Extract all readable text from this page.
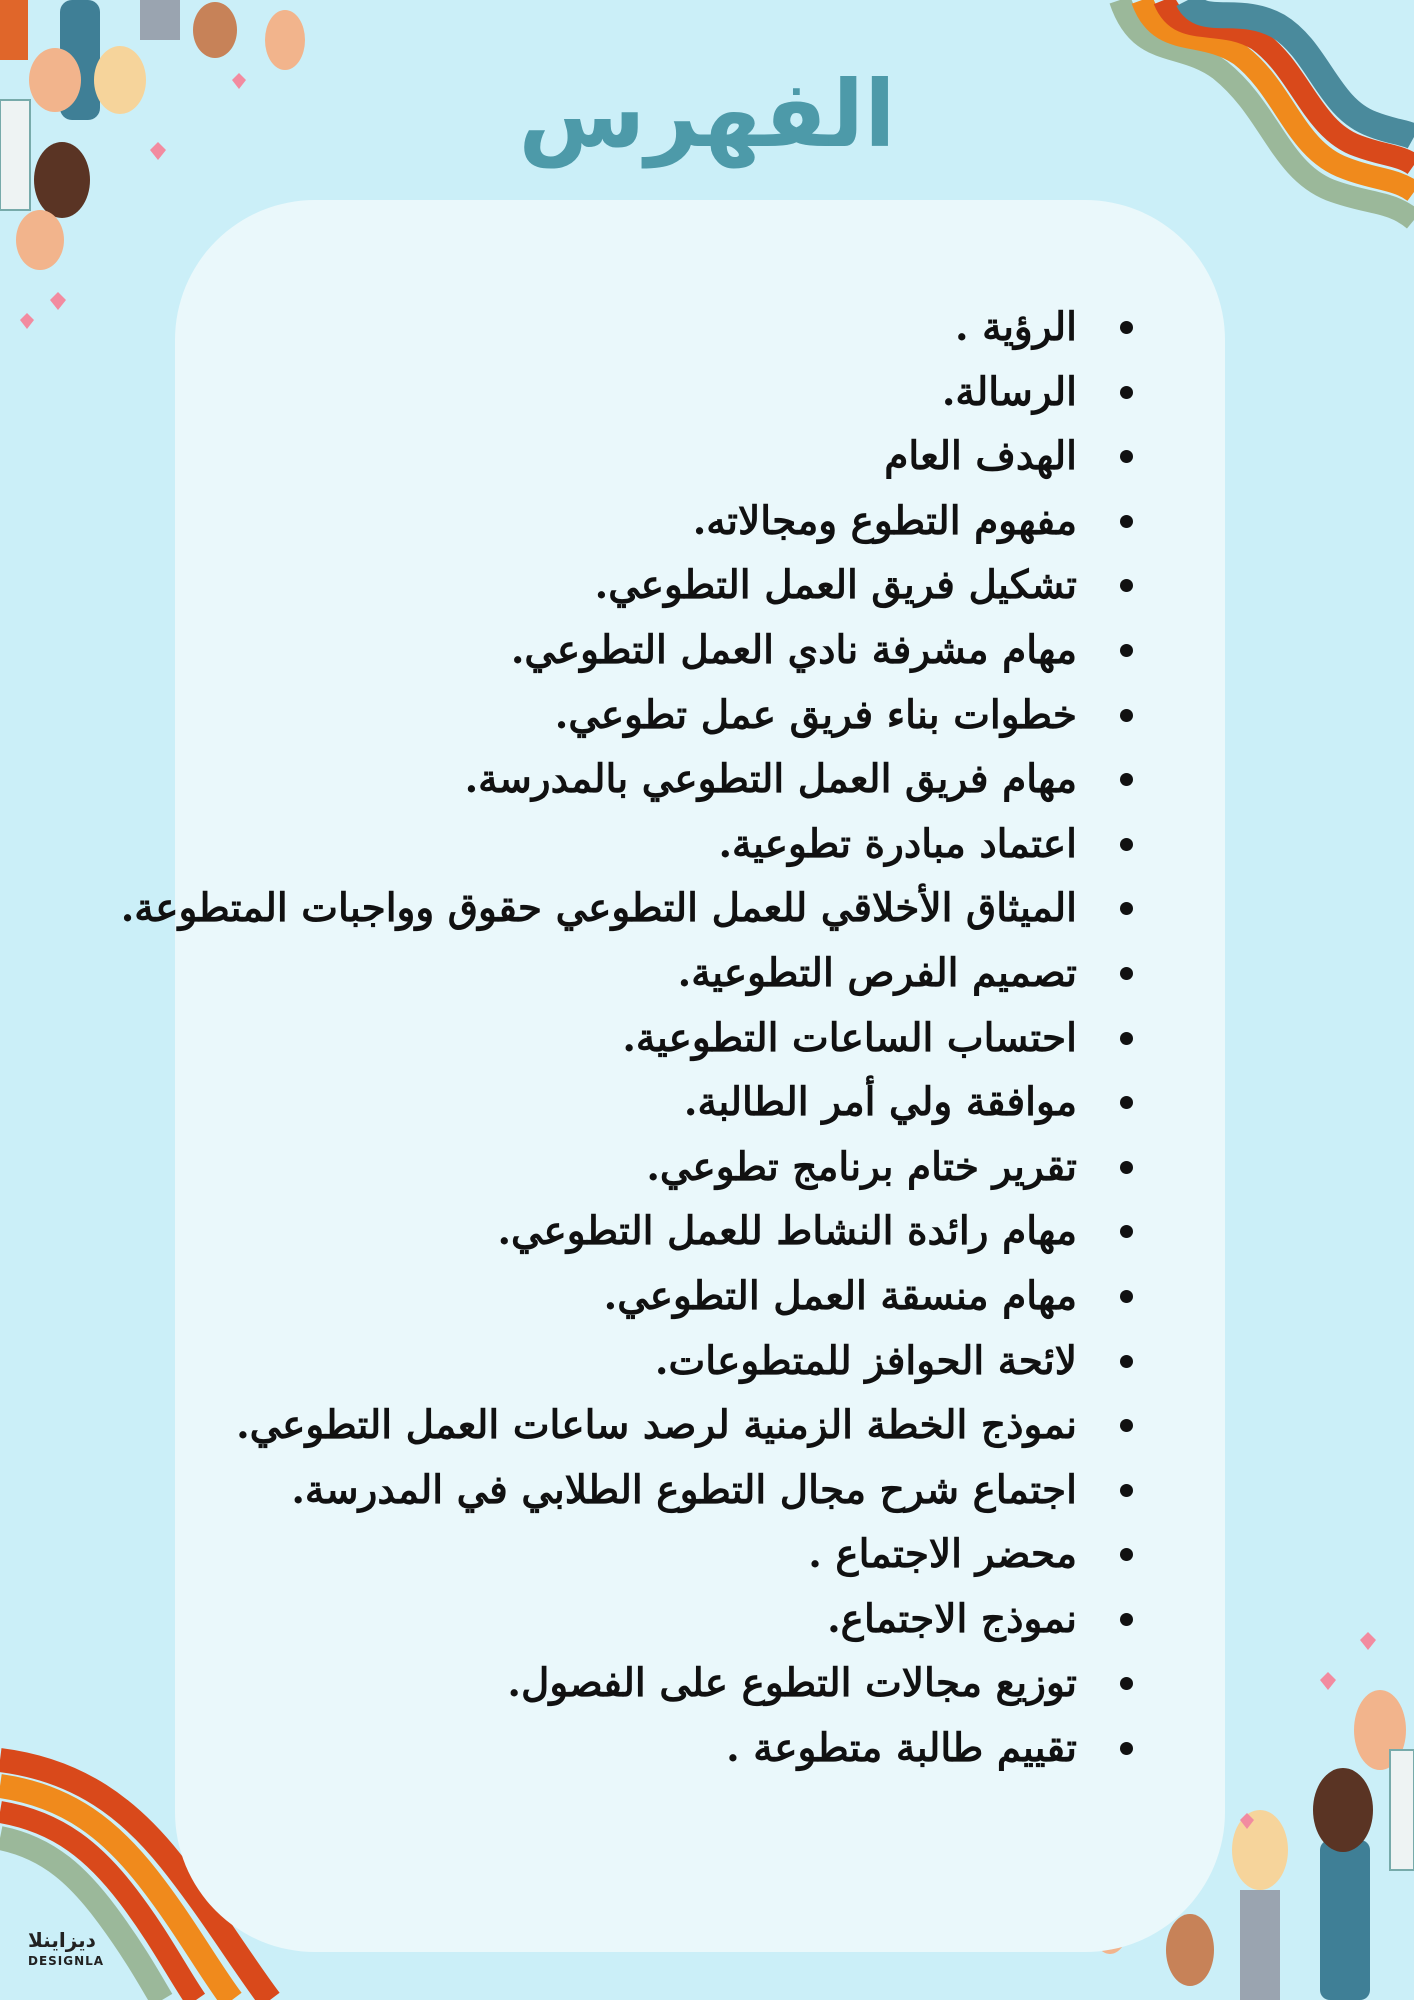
الفهرس
الرؤية .
الرسالة.
الهدف العام
مفهوم التطوع ومجالاته.
تشكيل فريق العمل التطوعي.
مهام مشرفة نادي العمل التطوعي.
خطوات بناء فريق عمل تطوعي.
مهام فريق العمل التطوعي بالمدرسة.
اعتماد مبادرة تطوعية.
الميثاق الأخلاقي للعمل التطوعي حقوق وواجبات المتطوعة.
تصميم الفرص التطوعية.
احتساب الساعات التطوعية.
موافقة ولي أمر الطالبة.
تقرير ختام برنامج تطوعي.
مهام رائدة النشاط للعمل التطوعي.
مهام منسقة العمل التطوعي.
لائحة الحوافز للمتطوعات.
نموذج الخطة الزمنية لرصد ساعات العمل التطوعي.
اجتماع شرح مجال التطوع الطلابي في المدرسة.
محضر الاجتماع .
نموذج الاجتماع.
توزيع مجالات التطوع على الفصول.
تقييم طالبة متطوعة .
ديزاينلا
DESIGNLA
